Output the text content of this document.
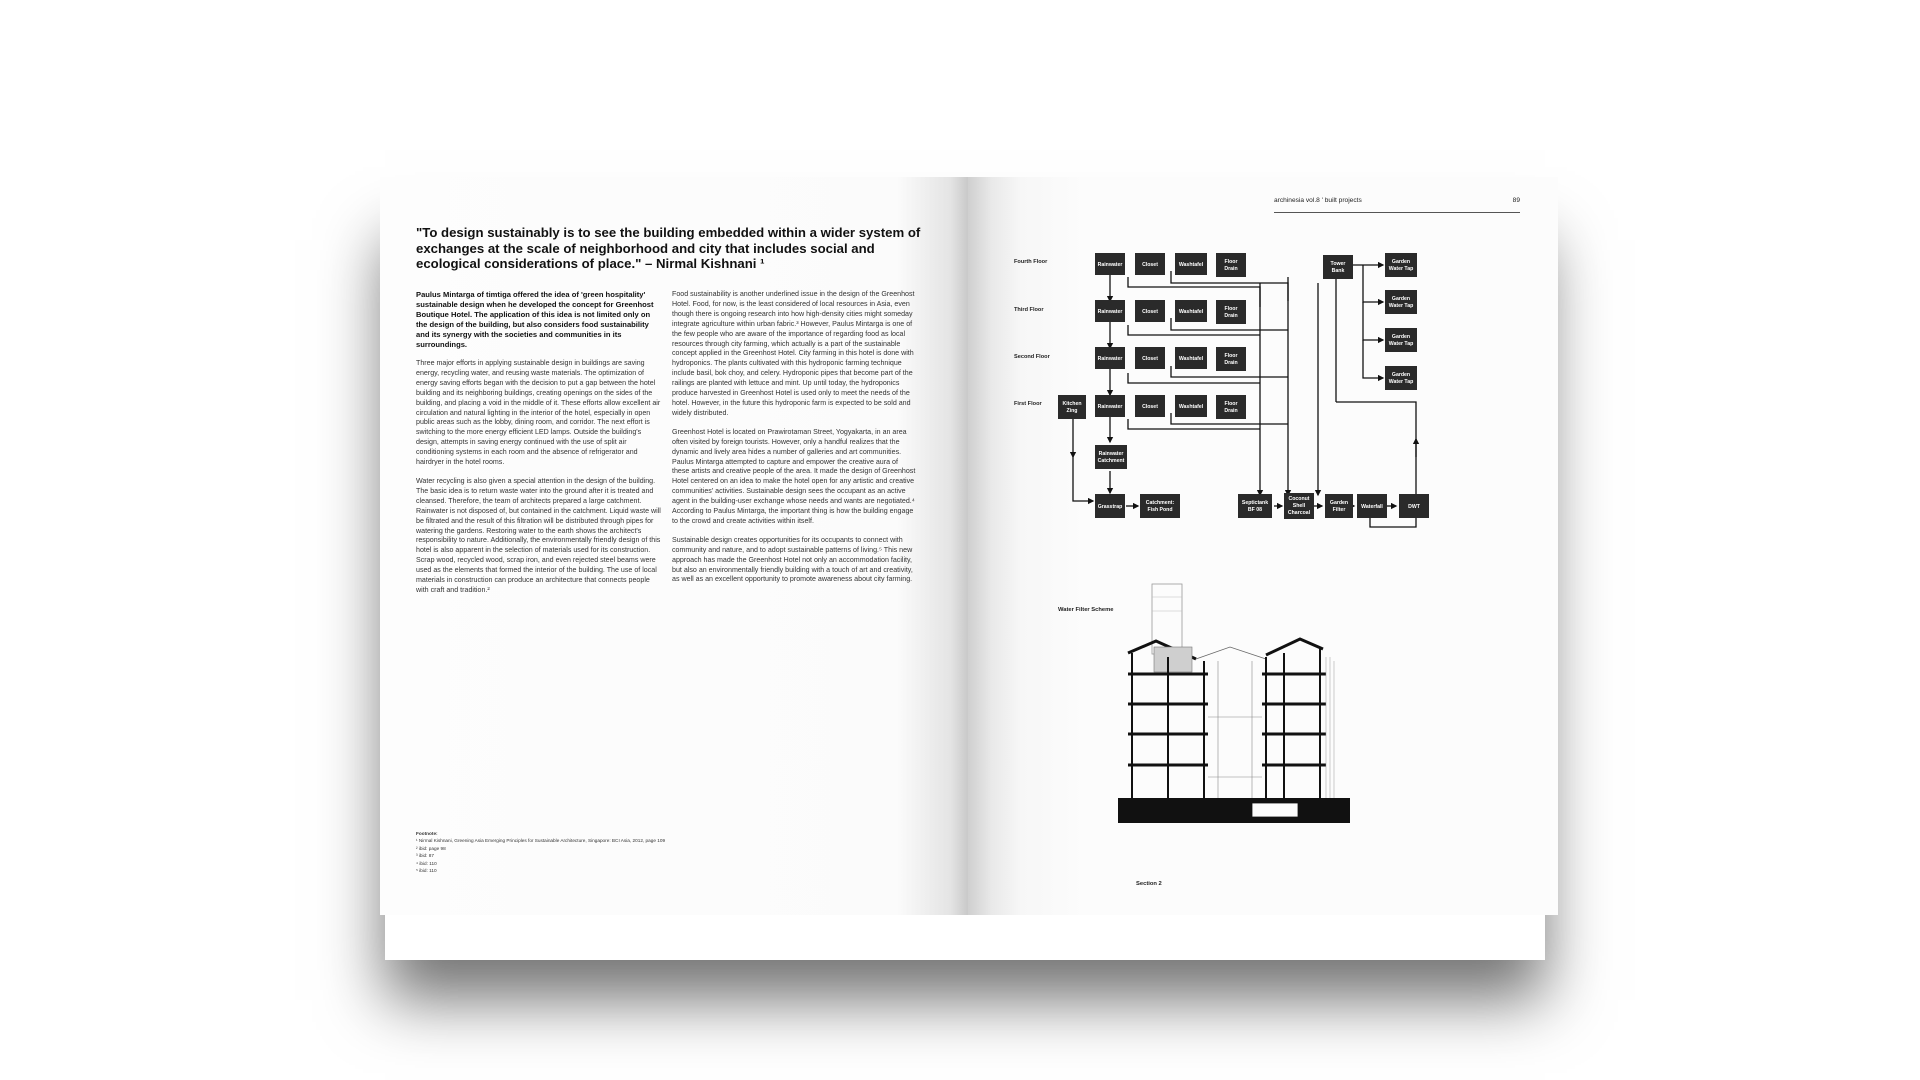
"To design sustainably is to see the building embedded within a wider system of exchanges at the scale of neighborhood and city that includes social and ecological considerations of place." – Nirmal Kishnani ¹

Paulus Mintarga of timtiga offered the idea of 'green hospitality' sustainable design when he developed the concept for Greenhost Boutique Hotel. The application of this idea is not limited only on the design of the building, but also considers food sustainability and its synergy with the societies and communities in its surroundings.

Three major efforts in applying sustainable design in buildings are saving energy, recycling water, and reusing waste materials. The optimization of energy saving efforts began with the decision to put a gap between the hotel building and its neighboring buildings, creating openings on the sides of the building, and placing a void in the middle of it. These efforts allow excellent air circulation and natural lighting in the interior of the hotel, especially in open public areas such as the lobby, dining room, and corridor. The next effort is switching to the more energy efficient LED lamps. Outside the building's design, attempts in saving energy continued with the use of split air conditioning systems in each room and the absence of refrigerator and hairdryer in the hotel rooms.

Water recycling is also given a special attention in the design of the building. The basic idea is to return waste water into the ground after it is treated and cleansed. Therefore, the team of architects prepared a large catchment. Rainwater is not disposed of, but contained in the catchment. Liquid waste will be filtrated and the result of this filtration will be distributed through pipes for watering the gardens. Restoring water to the earth shows the architect's responsibility to nature. Additionally, the environmentally friendly design of this hotel is also apparent in the selection of materials used for its construction. Scrap wood, recycled wood, scrap iron, and even rejected steel beams were used as the elements that formed the interior of the building. The use of local materials in construction can produce an architecture that connects people with craft and tradition.²

Food sustainability is another underlined issue in the design of the Greenhost Hotel. Food, for now, is the least considered of local resources in Asia, even though there is ongoing research into how high-density cities might someday integrate agriculture within urban fabric.³ However, Paulus Mintarga is one of the few people who are aware of the importance of regarding food as local resources through city farming, which actually is a part of the sustainable concept applied in the Greenhost Hotel. City farming in this hotel is done with hydroponics. The plants cultivated with this hydroponic farming technique include basil, bok choy, and celery. Hydroponic pipes that become part of the railings are planted with lettuce and mint. Up until today, the hydroponics produce harvested in Greenhost Hotel is used only to meet the needs of the hotel. However, in the future this hydroponic farm is expected to be sold and widely distributed.

Greenhost Hotel is located on Prawirotaman Street, Yogyakarta, in an area often visited by foreign tourists. However, only a handful realizes that the dynamic and lively area hides a number of galleries and art communities. Paulus Mintarga attempted to capture and empower the creative aura of these artists and creative people of the area. It made the design of Greenhost Hotel centered on an idea to make the hotel open for any artistic and creative communities' activities. Sustainable design sees the occupant as an active agent in the building-user exchange whose needs and wants are negotiated.⁴ According to Paulus Mintarga, the important thing is how the building engage to the crowd and create activities within itself.

Sustainable design creates opportunities for its occupants to connect with community and nature, and to adopt sustainable patterns of living.⁵ This new approach has made the Greenhost Hotel not only an accommodation facility, but also an environmentally friendly building with a touch of art and creativity, as well as an excellent opportunity to promote awareness about city farming.

Footnote:
¹ Nirmal Kishnani, Greening Asia Emerging Principles for Sustainable Architecture, Singapore: BCI Asia, 2012, page 109
² ibid: page 98
³ ibid: 87
⁴ ibid: 110
⁵ ibid: 110
archinesia vol.8 ' built projects	89
Fourth Floor
Third Floor
Second Floor
First Floor
Rainwater
Rainwater
Rainwater
Rainwater
Closet
Closet
Closet
Closet
Washtafel
Washtafel
Washtafel
Washtafel
Floor
Drain
Floor
Drain
Floor
Drain
Floor
Drain
Kitchen
Zing
Rainwater
Catchment
Grasstrap
Catchment:
Fish Pond
Tower
Bank
Garden
Water Tap
Garden
Water Tap
Garden
Water Tap
Garden
Water Tap
Septictank
BF 08
Coconut
Shell
Charcoal
Garden
Filter	Waterfall	DWT
Water Filter Scheme
Section 2
